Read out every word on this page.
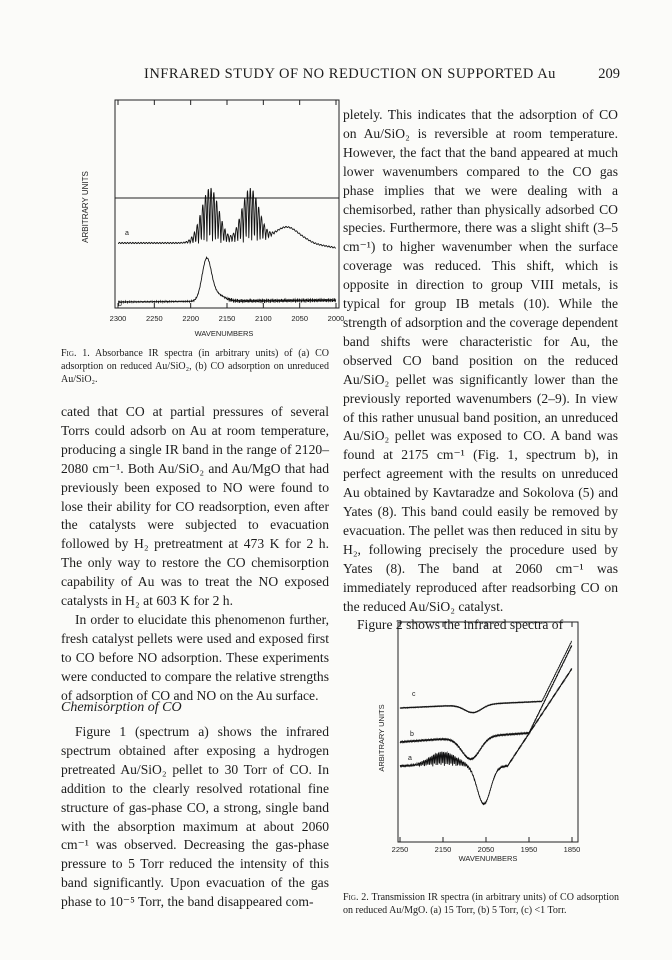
INFRARED STUDY OF NO REDUCTION ON SUPPORTED Au	209
2300	2250	2200	2150	2100	2050	2000
ARBITRARY UNITS
WAVENUMBERS
a
b
Fig. 1. Absorbance IR spectra (in arbitrary units) of (a) CO adsorption on reduced Au/SiO₂, (b) CO adsorption on unreduced Au/SiO₂.

cated that CO at partial pressures of several Torrs could adsorb on Au at room temperature, producing a single IR band in the range of 2120–2080 cm⁻¹. Both Au/SiO₂ and Au/MgO that had previously been exposed to NO were found to lose their ability for CO readsorption, even after the catalysts were subjected to evacuation followed by H₂ pretreatment at 473 K for 2 h. The only way to restore the CO chemisorption capability of Au was to treat the NO exposed catalysts in H₂ at 603 K for 2 h.

In order to elucidate this phenomenon further, fresh catalyst pellets were used and exposed first to CO before NO adsorption. These experiments were conducted to compare the relative strengths of adsorption of CO and NO on the Au surface.

Chemisorption of CO

Figure 1 (spectrum a) shows the infrared spectrum obtained after exposing a hydrogen pretreated Au/SiO₂ pellet to 30 Torr of CO. In addition to the clearly resolved rotational fine structure of gas-phase CO, a strong, single band with the absorption maximum at about 2060 cm⁻¹ was observed. Decreasing the gas-phase pressure to 5 Torr reduced the intensity of this band significantly. Upon evacuation of the gas phase to 10⁻⁵ Torr, the band disappeared com-

pletely. This indicates that the adsorption of CO on Au/SiO₂ is reversible at room temperature. However, the fact that the band appeared at much lower wavenumbers compared to the CO gas phase implies that we were dealing with a chemisorbed, rather than physically adsorbed CO species. Furthermore, there was a slight shift (3–5 cm⁻¹) to higher wavenumber when the surface coverage was reduced. This shift, which is opposite in direction to group VIII metals, is typical for group IB metals (10). While the strength of adsorption and the coverage dependent band shifts were characteristic for Au, the observed CO band position on the reduced Au/SiO₂ pellet was significantly lower than the previously reported wavenumbers (2–9). In view of this rather unusual band position, an unreduced Au/SiO₂ pellet was exposed to CO. A band was found at 2175 cm⁻¹ (Fig. 1, spectrum b), in perfect agreement with the results on unreduced Au obtained by Kavtaradze and Sokolova (5) and Yates (8). This band could easily be removed by evacuation. The pellet was then reduced in situ by H₂, following precisely the procedure used by Yates (8). The band at 2060 cm⁻¹ was immediately reproduced after readsorbing CO on the reduced Au/SiO₂ catalyst.

Figure 2 shows the infrared spectra of

2250	2150	2050	1950	1850
ARBITRARY UNITS
WAVENUMBERS
a
b
c
Fig. 2. Transmission IR spectra (in arbitrary units) of CO adsorption on reduced Au/MgO. (a) 15 Torr, (b) 5 Torr, (c) <1 Torr.
